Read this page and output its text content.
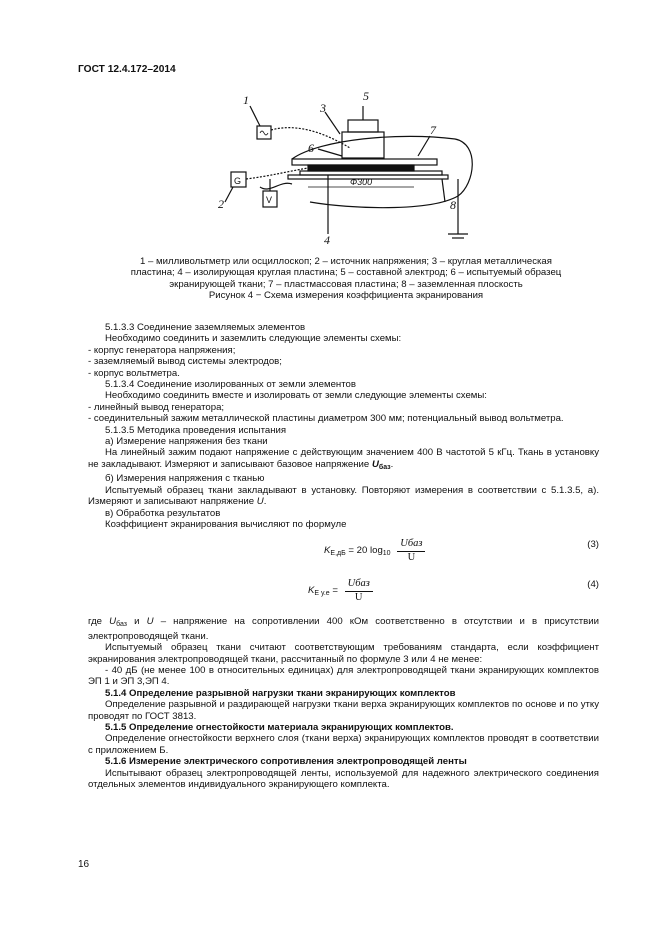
ГОСТ 12.4.172–2014
1
2
3
4
5
6
7
8
G
V
Ф300

1 – милливольтметр или осциллоскоп; 2 – источник напряжения; 3 – круглая металлическая

пластина; 4 – изолирующая круглая пластина; 5 – составной электрод; 6 – испытуемый образец

экранирующей ткани; 7 – пластмассовая пластина; 8 – заземленная плоскость

Рисунок 4 − Схема измерения коэффициента экранирования

5.1.3.3 Соединение заземляемых элементов

Необходимо соединить и заземлить следующие элементы схемы:

- корпус генератора напряжения;

- заземляемый вывод системы электродов;

- корпус вольтметра.

5.1.3.4 Соединение изолированных от земли элементов

Необходимо соединить вместе и изолировать от земли следующие элементы схемы:

- линейный вывод генератора;

- соединительный зажим металлической пластины диаметром 300 мм; потенциальный вывод вольтметра.

5.1.3.5 Методика проведения испытания

а) Измерение напряжения без ткани

На линейный зажим подают напряжение с действующим значением 400 В частотой 5 кГц. Ткань в установку не закладывают. Измеряют и записывают базовое напряжение $U_{баз}$.

б) Измерения напряжения с тканью

Испытуемый образец ткани закладывают в установку. Повторяют измерения в соответствии с 5.1.3.5, а). Измеряют и записывают напряжение U.

в) Обработка результатов

Коэффициент экранирования вычисляют по формуле

$K_{Е,дБ} = 20$ $\log_{10} \frac{\text{Uбаз}}{U}$	(3)
$K_{Е у.е} = \frac{\text{Uбаз}}{U}$	(4)

где $U_{баз}$ и U – напряжение на сопротивлении 400 кОм соответственно в отсутствии и в присутствии электропроводящей ткани.

Испытуемый образец ткани считают соответствующим требованиям стандарта, если коэффициент экранирования электропроводящей ткани, рассчитанный по формуле 3 или 4 не менее:

- 40 дБ (не менее 100 в относительных единицах) для электропроводящей ткани экранирующих комплектов ЭП 1 и ЭП 3,ЭП 4.

5.1.4 Определение разрывной нагрузки ткани экранирующих комплектов

Определение разрывной и раздирающей нагрузки ткани верха экранирующих комплектов по основе и по утку проводят по ГОСТ 3813.

5.1.5 Определение огнестойкости материала экранирующих комплектов.

Определение огнестойкости верхнего слоя (ткани верха) экранирующих комплектов проводят в соответствии с приложением Б.

5.1.6 Измерение электрического сопротивления электропроводящей ленты

Испытывают образец электропроводящей ленты, используемой для надежного электрического соединения отдельных элементов индивидуального экранирующего комплекта.

16
